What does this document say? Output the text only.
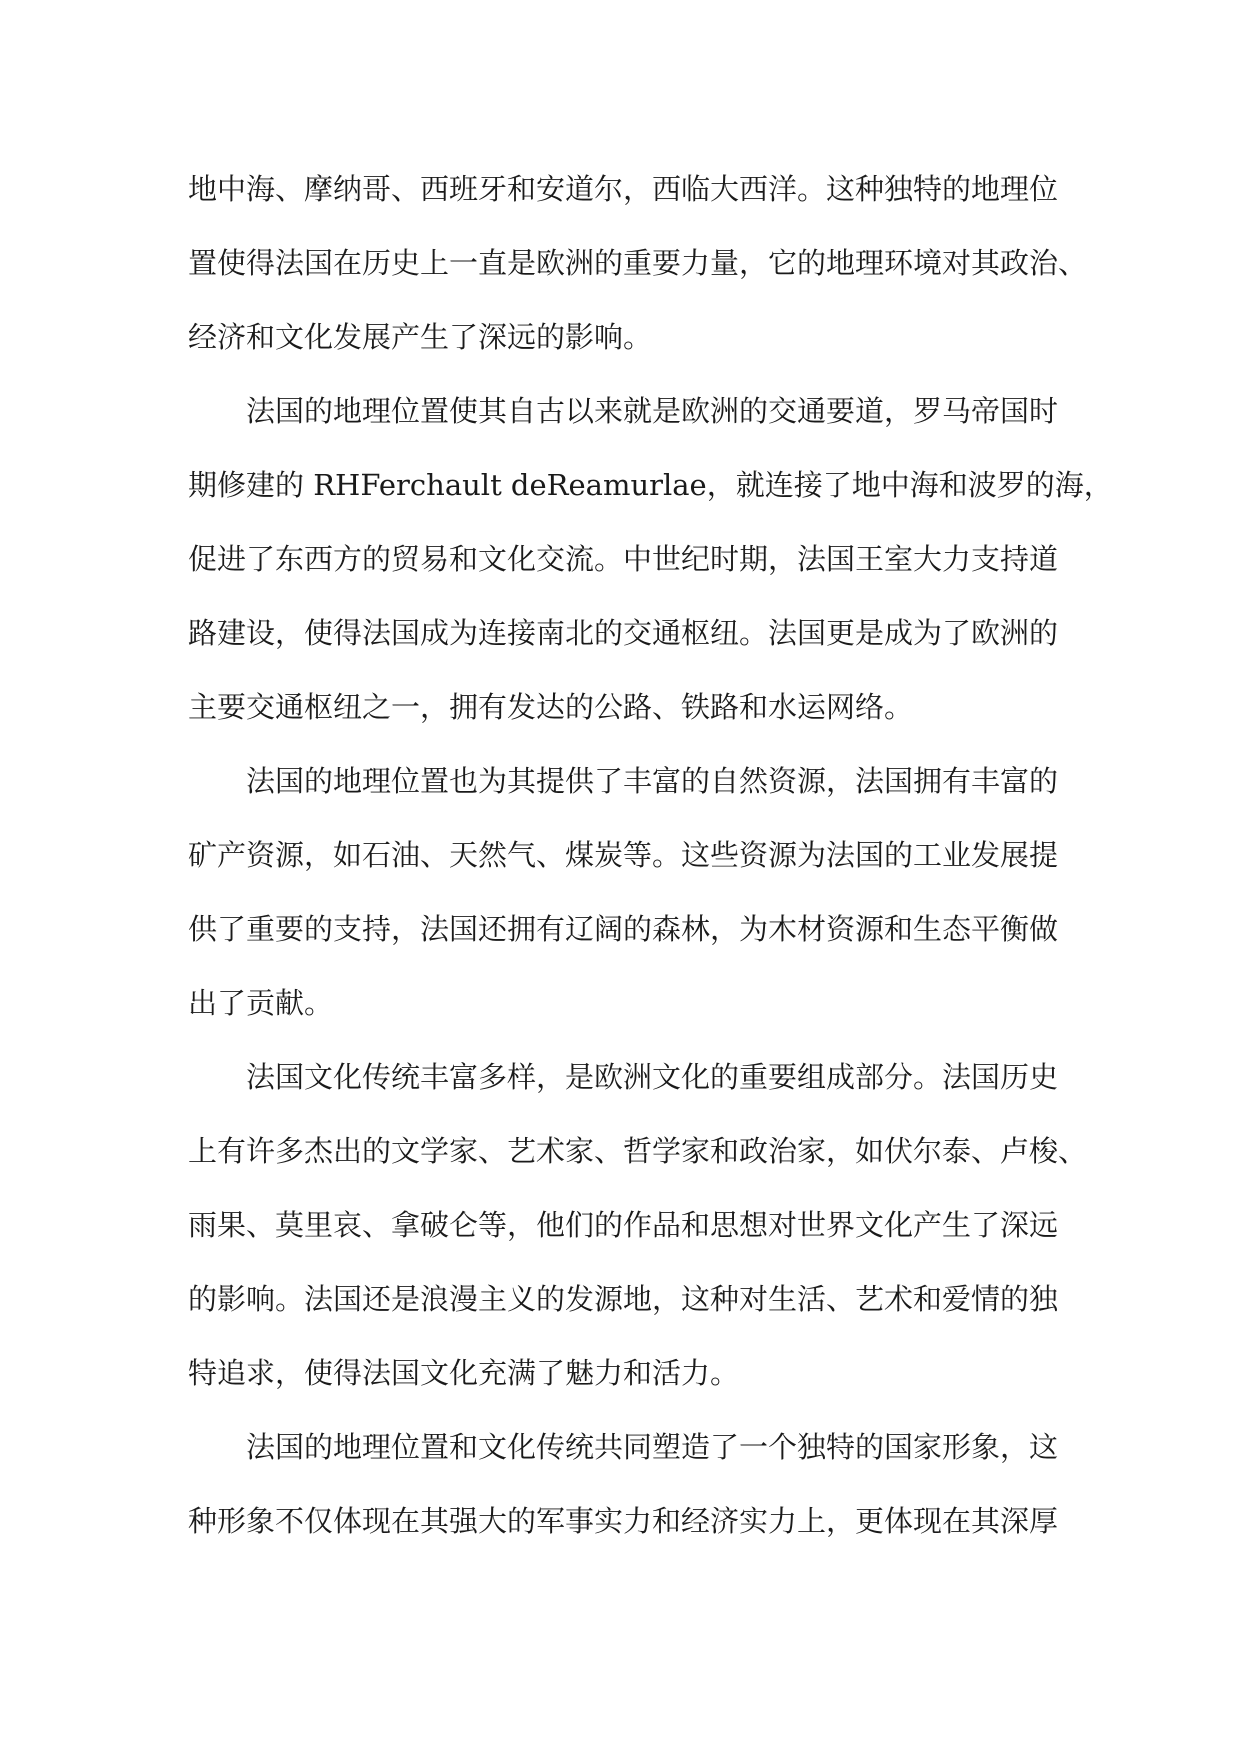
地中海、摩纳哥、西班牙和安道尔，西临大西洋。这种独特的地理位
置使得法国在历史上一直是欧洲的重要力量，它的地理环境对其政治、
经济和文化发展产生了深远的影响。
法国的地理位置使其自古以来就是欧洲的交通要道，罗马帝国时
期修建的 RHFerchault deReamurlae，就连接了地中海和波罗的海，
促进了东西方的贸易和文化交流。中世纪时期，法国王室大力支持道
路建设，使得法国成为连接南北的交通枢纽。法国更是成为了欧洲的
主要交通枢纽之一，拥有发达的公路、铁路和水运网络。
法国的地理位置也为其提供了丰富的自然资源，法国拥有丰富的
矿产资源，如石油、天然气、煤炭等。这些资源为法国的工业发展提
供了重要的支持，法国还拥有辽阔的森林，为木材资源和生态平衡做
出了贡献。
法国文化传统丰富多样，是欧洲文化的重要组成部分。法国历史
上有许多杰出的文学家、艺术家、哲学家和政治家，如伏尔泰、卢梭、
雨果、莫里哀、拿破仑等，他们的作品和思想对世界文化产生了深远
的影响。法国还是浪漫主义的发源地，这种对生活、艺术和爱情的独
特追求，使得法国文化充满了魅力和活力。
法国的地理位置和文化传统共同塑造了一个独特的国家形象，这
种形象不仅体现在其强大的军事实力和经济实力上，更体现在其深厚
